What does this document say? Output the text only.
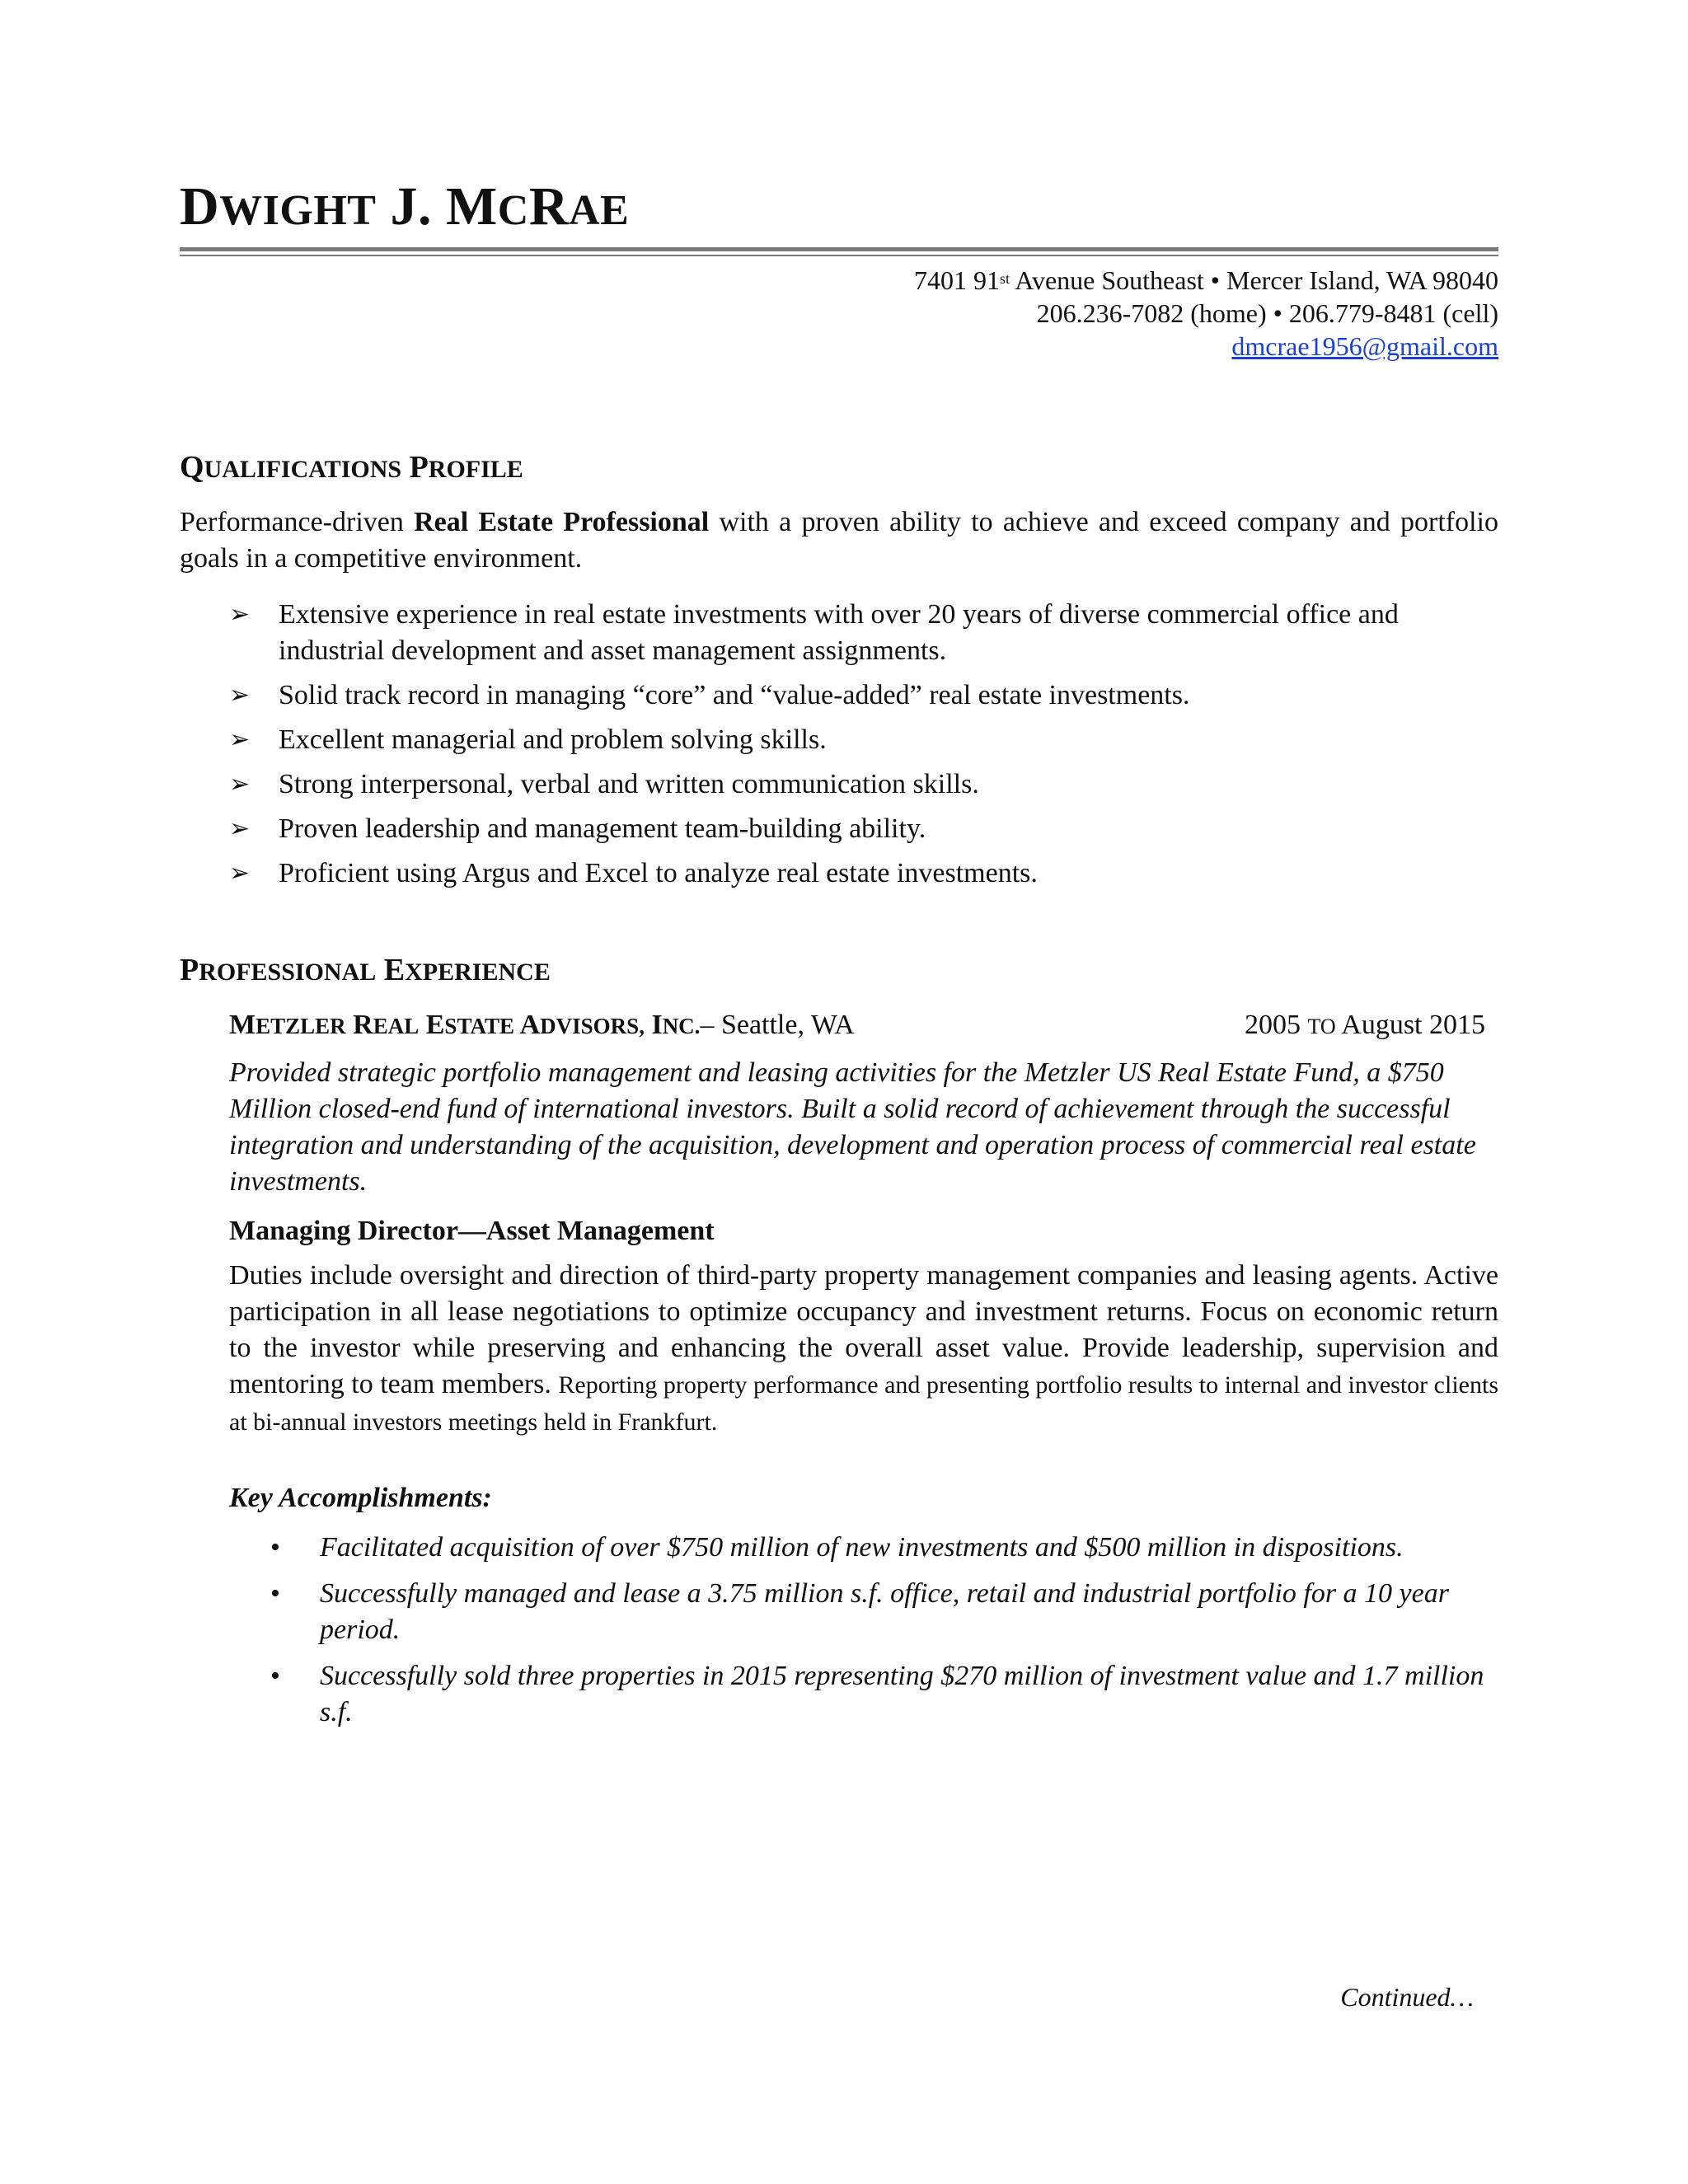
DWIGHT J. MCRAE
7401 91st Avenue Southeast • Mercer Island, WA 98040
206.236-7082 (home) • 206.779-8481 (cell)
dmcrae1956@gmail.com
QUALIFICATIONS PROFILE
Performance-driven Real Estate Professional with a proven ability to achieve and exceed company and portfolio goals in a competitive environment.
➢ Extensive experience in real estate investments with over 20 years of diverse commercial office and industrial development and asset management assignments.
➢ Solid track record in managing “core” and “value-added” real estate investments.
➢ Excellent managerial and problem solving skills.
➢ Strong interpersonal, verbal and written communication skills.
➢ Proven leadership and management team-building ability.
➢ Proficient using Argus and Excel to analyze real estate investments.
PROFESSIONAL EXPERIENCE
METZLER REAL ESTATE ADVISORS, INC.– Seattle, WA	2005 TO August 2015
Provided strategic portfolio management and leasing activities for the Metzler US Real Estate Fund, a $750 Million closed-end fund of international investors. Built a solid record of achievement through the successful integration and understanding of the acquisition, development and operation process of commercial real estate investments.
Managing Director—Asset Management
Duties include oversight and direction of third-party property management companies and leasing agents. Active participation in all lease negotiations to optimize occupancy and investment returns. Focus on economic return to the investor while preserving and enhancing the overall asset value. Provide leadership, supervision and mentoring to team members. Reporting property performance and presenting portfolio results to internal and investor clients at bi-annual investors meetings held in Frankfurt.
Key Accomplishments:
• Facilitated acquisition of over $750 million of new investments and $500 million in dispositions.
• Successfully managed and lease a 3.75 million s.f. office, retail and industrial portfolio for a 10 year period.
• Successfully sold three properties in 2015 representing $270 million of investment value and 1.7 million s.f.
Continued…
